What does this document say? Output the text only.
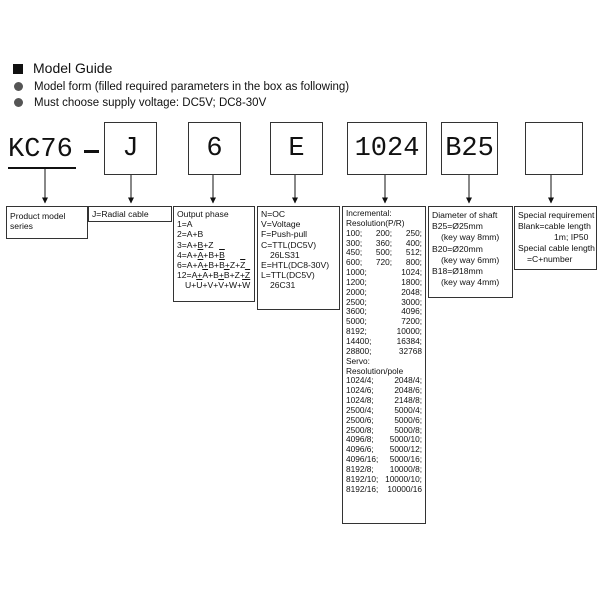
Model Guide
Model form (filled required parameters in the box as following)
Must choose supply voltage: DC5V; DC8-30V
KC76 J	6 E 1024 B25
Product model
series
J=Radial cable	Output phase
1=A
2=A+B
3=A+B+Z
$4=A+\overline{A}+B+\overline{B}$
$6=A+\overline{A}+B+\overline{B}+Z+\overline{Z}$
$12=A+\overline{A}+B+\overline{B}+Z+\overline{Z}$
$U+\overline{U}+V+\overline{V}+W+\overline{W}$
N=OC
V=Voltage
F=Push-pull
C=TTL(DC5V)
26LS31
E=HTL(DC8-30V)
L=TTL(DC5V)
26C31
Incremental:
Resolution(P/R)
100; 200; 250;
300; 360; 400;
450; 500; 512;
600; 720; 800;
1000;	1024;
1200;	1800;
2000;	2048;
2500;	3000;
3600;	4096;
5000;	7200;
8192;	10000;
14400;	16384;
28800;	32768
Servo:
Resolution/pole
1024/4; 2048/4;
1024/6; 2048/6;
1024/8; 2148/8;
2500/4; 5000/4;
2500/6; 5000/6;
2500/8; 5000/8;
4096/8; 5000/10;
4096/6; 5000/12;
4096/16; 5000/16;
8192/8; 10000/8;
8192/10; 10000/10;
8192/16; 10000/16
Diameter of shaft
B25=Ø25mm
(key way 8mm)
B20=Ø20mm
(key way 6mm)
B18=Ø18mm
(key way 4mm)
Special requirement
Blank=cable length
1m; IP50
Special cable length
=C+number
